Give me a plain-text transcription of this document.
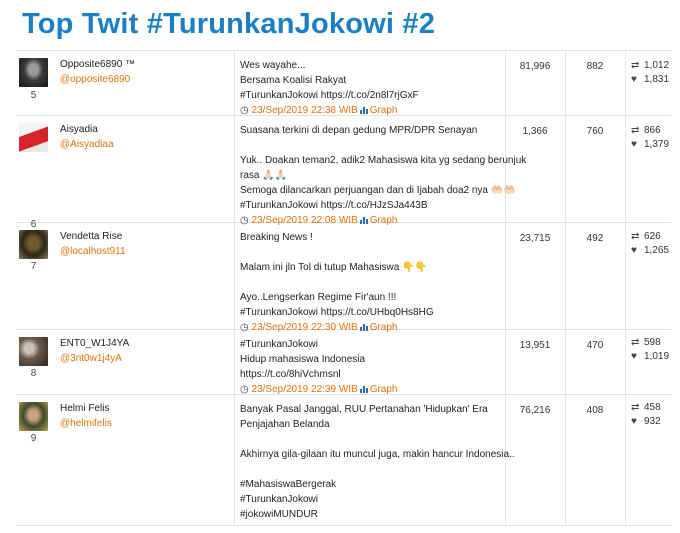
Top Twit #TurunkanJokowi #2
5
Opposite6890 ™
@opposite6890
Wes wayahe...
Bersama Koalisi Rakyat
#TurunkanJokowi https://t.co/2n8l7rjGxF
◷ 23/Sep/2019 22:38 WIB Graph
81,996	882	⇄ 1,012
♥ 1,831
6
Aisyadia
@Aisyadiaa
Suasana terkini di depan gedung MPR/DPR Senayan
Yuk.. Doakan teman2, adik2 Mahasiswa kita yg sedang berunjuk
rasa 🙏🏻🙏🏻
Semoga dilancarkan perjuangan dan di Ijabah doa2 nya 🤲🏻🤲🏻
#TurunkanJokowi https://t.co/HJzSJa443B
◷ 23/Sep/2019 22:08 WIB Graph
1,366	760	⇄ 866
♥ 1,379
7
Vendetta Rise
@localhost911
Breaking News !
Malam ini jln Tol di tutup Mahasiswa 👇👇
Ayo..Lengserkan Regime Fir'aun !!!
#TurunkanJokowi https://t.co/UHbq0Hs8HG
◷ 23/Sep/2019 22:30 WIB Graph
23,715	492	⇄ 626
♥ 1,265
8
ENT0_W1J4YA
@3nt0w1j4yA
#TurunkanJokowi
Hidup mahasiswa Indonesia
https://t.co/8hiVchmsnl
◷ 23/Sep/2019 22:39 WIB Graph
13,951	470	⇄ 598
♥ 1,019
9
Helmi Felis
@helmifelis
Banyak Pasal Janggal, RUU Pertanahan 'Hidupkan' Era
Penjajahan Belanda
Akhirnya gila-gilaan itu muncul juga, makin hancur Indonesia..
#MahasiswaBergerak
#TurunkanJokowi
#jokowiMUNDUR
76,216	408	⇄ 458
♥ 932
